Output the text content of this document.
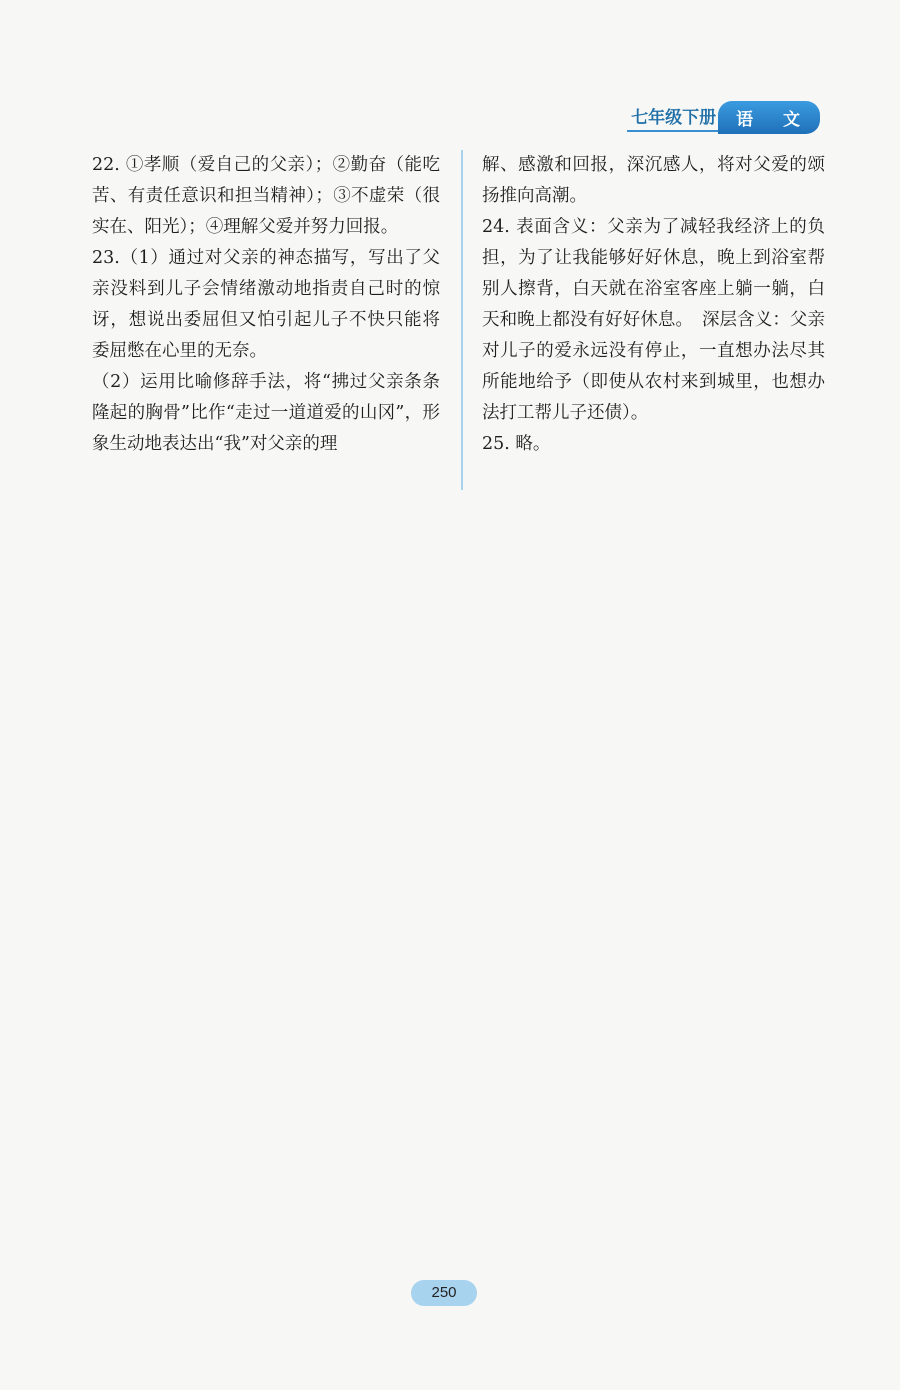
七年级下册	语 文

22. ①孝顺（爱自己的父亲）；②勤奋（能吃苦、有责任意识和担当精神）；③不虚荣（很实在、阳光）；④理解父爱并努力回报。

23.（1）通过对父亲的神态描写，写出了父亲没料到儿子会情绪激动地指责自己时的惊讶，想说出委屈但又怕引起儿子不快只能将委屈憋在心里的无奈。

（2）运用比喻修辞手法，将“拂过父亲条条隆起的胸骨”比作“走过一道道爱的山冈”，形象生动地表达出“我”对父亲的理

解、感激和回报，深沉感人，将对父爱的颂扬推向高潮。

24. 表面含义：父亲为了减轻我经济上的负担，为了让我能够好好休息，晚上到浴室帮别人擦背，白天就在浴室客座上躺一躺，白天和晚上都没有好好休息。　深层含义：父亲对儿子的爱永远没有停止，一直想办法尽其所能地给予（即使从农村来到城里，也想办法打工帮儿子还债）。

25. 略。

250
